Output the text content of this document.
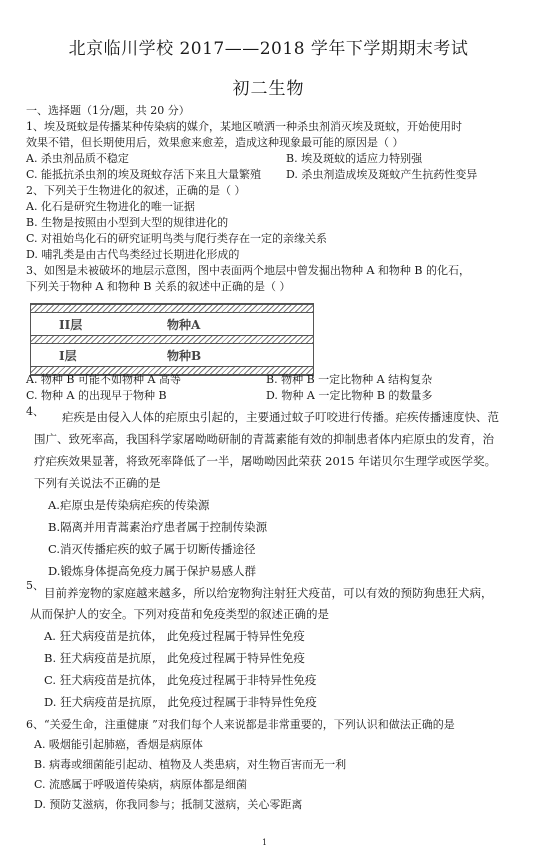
北京临川学校 2017——2018 学年下学期期末考试
初二生物
一、选择题（1分/题，共 20 分）
1、埃及斑蚊是传播某种传染病的媒介，某地区喷洒一种杀虫剂消灭埃及斑蚊，开始使用时
效果不错，但长期使用后，效果愈来愈差，造成这种现象最可能的原因是（ ）
A. 杀虫剂品质不稳定	B. 埃及斑蚊的适应力特别强
C. 能抵抗杀虫剂的埃及斑蚊存活下来且大量繁殖 D. 杀虫剂造成埃及斑蚊产生抗药性变异
2、下列关于生物进化的叙述，正确的是（ ）
A. 化石是研究生物进化的唯一证据
B. 生物是按照由小型到大型的规律进化的
C. 对祖始鸟化石的研究证明鸟类与爬行类存在一定的亲缘关系
D. 哺乳类是由古代鸟类经过长期进化形成的
3、如图是未被破坏的地层示意图，图中表面两个地层中曾发掘出物种 A 和物种 B 的化石，
下列关于物种 A 和物种 B 关系的叙述中正确的是（ ）
II层	物种A
I层	物种B
A. 物种 B 可能不如物种 A 高等	B. 物种 B 一定比物种 A 结构复杂
C. 物种 A 的出现早于物种 B	D. 物种 A 一定比物种 B 的数量多
4、 疟疾是由侵入人体的疟原虫引起的，主要通过蚊子叮咬进行传播。疟疾传播速度快、范
围广、致死率高，我国科学家屠呦呦研制的青蒿素能有效的抑制患者体内疟原虫的发育，治
疗疟疾效果显著，将致死率降低了一半，屠呦呦因此荣获 2015 年诺贝尔生理学或医学奖。
下列有关说法不正确的是
A.疟原虫是传染病疟疾的传染源
B.隔离并用青蒿素治疗患者属于控制传染源
C.消灭传播疟疾的蚊子属于切断传播途径
D.锻炼身体提高免疫力属于保护易感人群
5、
目前养宠物的家庭越来越多，所以给宠物狗注射狂犬疫苗，可以有效的预防狗患狂犬病，
从而保护人的安全。下列对疫苗和免疫类型的叙述正确的是
A. 狂犬病疫苗是抗体， 此免疫过程属于特异性免疫
B. 狂犬病疫苗是抗原， 此免疫过程属于特异性免疫
C. 狂犬病疫苗是抗体， 此免疫过程属于非特异性免疫
D. 狂犬病疫苗是抗原， 此免疫过程属于非特异性免疫
6、“关爱生命，注重健康 ”对我们每个人来说都是非常重要的，下列认识和做法正确的是
A. 吸烟能引起肺癌，香烟是病原体
B. 病毒或细菌能引起动、植物及人类患病，对生物百害而无一利
C. 流感属于呼吸道传染病，病原体都是细菌
D. 预防艾滋病，你我同参与；抵制艾滋病，关心零距离
1
